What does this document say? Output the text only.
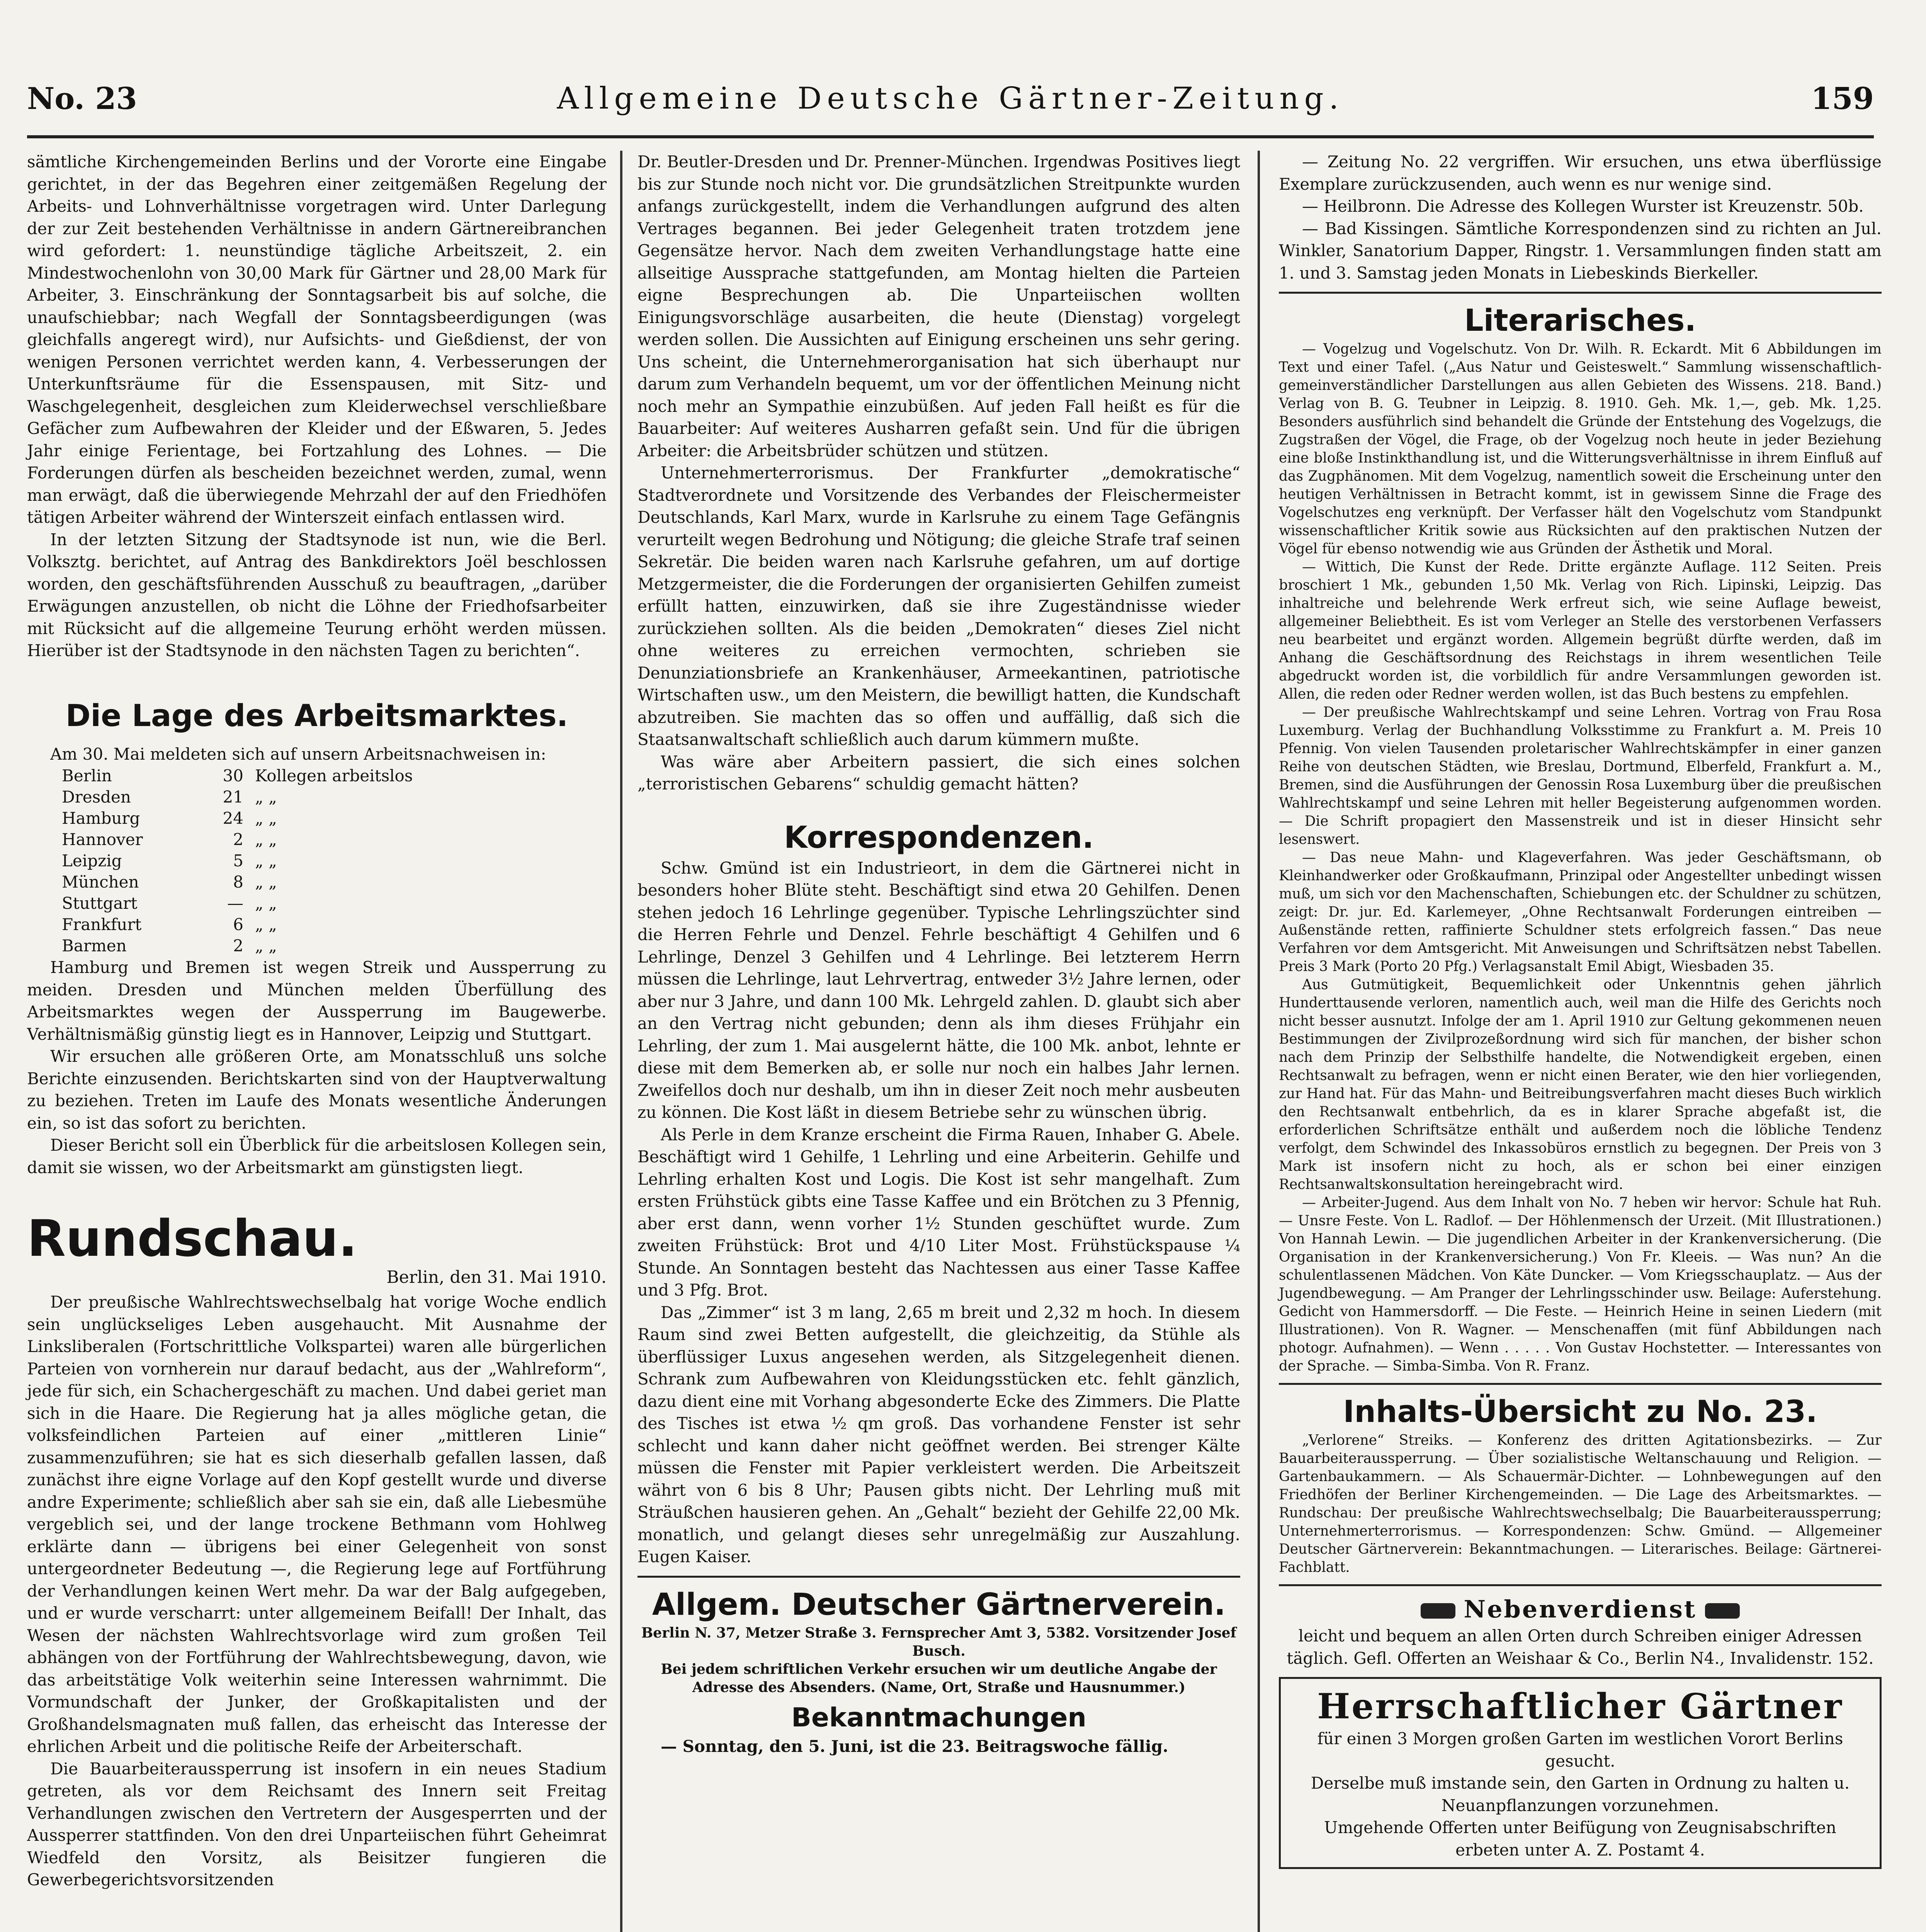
No. 23	Allgemeine Deutsche Gärtner-Zeitung.	159

sämtliche Kirchengemeinden Berlins und der Vororte eine Eingabe gerichtet, in der das Begehren einer zeitgemäßen Regelung der Arbeits- und Lohnverhältnisse vorgetragen wird. Unter Darlegung der zur Zeit bestehenden Verhältnisse in andern Gärtnereibranchen wird gefordert: 1. neunstündige tägliche Arbeitszeit, 2. ein Mindestwochenlohn von 30,00 Mark für Gärtner und 28,00 Mark für Arbeiter, 3. Einschränkung der Sonntagsarbeit bis auf solche, die unaufschiebbar; nach Wegfall der Sonntagsbeerdigungen (was gleichfalls angeregt wird), nur Aufsichts- und Gießdienst, der von wenigen Personen verrichtet werden kann, 4. Verbesserungen der Unterkunftsräume für die Essenspausen, mit Sitz- und Waschgelegenheit, desgleichen zum Kleiderwechsel verschließbare Gefächer zum Aufbewahren der Kleider und der Eßwaren, 5. Jedes Jahr einige Ferientage, bei Fortzahlung des Lohnes. — Die Forderungen dürfen als bescheiden bezeichnet werden, zumal, wenn man erwägt, daß die überwiegende Mehrzahl der auf den Friedhöfen tätigen Arbeiter während der Winterszeit einfach entlassen wird.

In der letzten Sitzung der Stadtsynode ist nun, wie die Berl. Volksztg. berichtet, auf Antrag des Bankdirektors Joël beschlossen worden, den geschäftsführenden Ausschuß zu beauftragen, „darüber Erwägungen anzustellen, ob nicht die Löhne der Friedhofsarbeiter mit Rücksicht auf die allgemeine Teurung erhöht werden müssen. Hierüber ist der Stadtsynode in den nächsten Tagen zu berichten“.

Die Lage des Arbeitsmarktes.

Am 30. Mai meldeten sich auf unsern Arbeitsnachweisen in:

Berlin	30 Kollegen arbeitslos
Dresden	21 „ „
Hamburg	24 „ „
Hannover	2 „ „
Leipzig	5 „ „
München	8 „ „
Stuttgart	— „ „
Frankfurt	6 „ „
Barmen	2 „ „

Hamburg und Bremen ist wegen Streik und Aussperrung zu meiden. Dresden und München melden Überfüllung des Arbeitsmarktes wegen der Aussperrung im Baugewerbe. Verhältnismäßig günstig liegt es in Hannover, Leipzig und Stuttgart.

Wir ersuchen alle größeren Orte, am Monatsschluß uns solche Berichte einzusenden. Berichtskarten sind von der Hauptverwaltung zu beziehen. Treten im Laufe des Monats wesentliche Änderungen ein, so ist das sofort zu berichten.

Dieser Bericht soll ein Überblick für die arbeitslosen Kollegen sein, damit sie wissen, wo der Arbeitsmarkt am günstigsten liegt.

Rundschau.

Berlin, den 31. Mai 1910.

Der preußische Wahlrechtswechselbalg hat vorige Woche endlich sein unglückseliges Leben ausgehaucht. Mit Ausnahme der Linksliberalen (Fortschrittliche Volkspartei) waren alle bürgerlichen Parteien von vornherein nur darauf bedacht, aus der „Wahlreform“, jede für sich, ein Schachergeschäft zu machen. Und dabei geriet man sich in die Haare. Die Regierung hat ja alles mögliche getan, die volksfeindlichen Parteien auf einer „mittleren Linie“ zusammenzuführen; sie hat es sich dieserhalb gefallen lassen, daß zunächst ihre eigne Vorlage auf den Kopf gestellt wurde und diverse andre Experimente; schließlich aber sah sie ein, daß alle Liebesmühe vergeblich sei, und der lange trockene Bethmann vom Hohlweg erklärte dann — übrigens bei einer Gelegenheit von sonst untergeordneter Bedeutung —, die Regierung lege auf Fortführung der Verhandlungen keinen Wert mehr. Da war der Balg aufgegeben, und er wurde verscharrt: unter allgemeinem Beifall! Der Inhalt, das Wesen der nächsten Wahlrechtsvorlage wird zum großen Teil abhängen von der Fortführung der Wahlrechtsbewegung, davon, wie das arbeitstätige Volk weiterhin seine Interessen wahrnimmt. Die Vormundschaft der Junker, der Großkapitalisten und der Großhandelsmagnaten muß fallen, das erheischt das Interesse der ehrlichen Arbeit und die politische Reife der Arbeiterschaft.

Die Bauarbeiteraussperrung ist insofern in ein neues Stadium getreten, als vor dem Reichsamt des Innern seit Freitag Verhandlungen zwischen den Vertretern der Ausgesperrten und der Aussperrer stattfinden. Von den drei Unparteiischen führt Geheimrat Wiedfeld den Vorsitz, als Beisitzer fungieren die Gewerbegerichtsvorsitzenden

Dr. Beutler-Dresden und Dr. Prenner-München. Irgendwas Positives liegt bis zur Stunde noch nicht vor. Die grundsätzlichen Streitpunkte wurden anfangs zurückgestellt, indem die Verhandlungen aufgrund des alten Vertrages begannen. Bei jeder Gelegenheit traten trotzdem jene Gegensätze hervor. Nach dem zweiten Verhandlungstage hatte eine allseitige Aussprache stattgefunden, am Montag hielten die Parteien eigne Besprechungen ab. Die Unparteiischen wollten Einigungsvorschläge ausarbeiten, die heute (Dienstag) vorgelegt werden sollen. Die Aussichten auf Einigung erscheinen uns sehr gering. Uns scheint, die Unternehmerorganisation hat sich überhaupt nur darum zum Verhandeln bequemt, um vor der öffentlichen Meinung nicht noch mehr an Sympathie einzubüßen. Auf jeden Fall heißt es für die Bauarbeiter: Auf weiteres Ausharren gefaßt sein. Und für die übrigen Arbeiter: die Arbeitsbrüder schützen und stützen.

Unternehmerterrorismus. Der Frankfurter „demokratische“ Stadtverordnete und Vorsitzende des Verbandes der Fleischermeister Deutschlands, Karl Marx, wurde in Karlsruhe zu einem Tage Gefängnis verurteilt wegen Bedrohung und Nötigung; die gleiche Strafe traf seinen Sekretär. Die beiden waren nach Karlsruhe gefahren, um auf dortige Metzgermeister, die die Forderungen der organisierten Gehilfen zumeist erfüllt hatten, einzuwirken, daß sie ihre Zugeständnisse wieder zurückziehen sollten. Als die beiden „Demokraten“ dieses Ziel nicht ohne weiteres zu erreichen vermochten, schrieben sie Denunziationsbriefe an Krankenhäuser, Armeekantinen, patriotische Wirtschaften usw., um den Meistern, die bewilligt hatten, die Kundschaft abzutreiben. Sie machten das so offen und auffällig, daß sich die Staatsanwaltschaft schließlich auch darum kümmern mußte.

Was wäre aber Arbeitern passiert, die sich eines solchen „terroristischen Gebarens“ schuldig gemacht hätten?

Korrespondenzen.

Schw. Gmünd ist ein Industrieort, in dem die Gärtnerei nicht in besonders hoher Blüte steht. Beschäftigt sind etwa 20 Gehilfen. Denen stehen jedoch 16 Lehrlinge gegenüber. Typische Lehrlingszüchter sind die Herren Fehrle und Denzel. Fehrle beschäftigt 4 Gehilfen und 6 Lehrlinge, Denzel 3 Gehilfen und 4 Lehrlinge. Bei letzterem Herrn müssen die Lehrlinge, laut Lehrvertrag, entweder 3½ Jahre lernen, oder aber nur 3 Jahre, und dann 100 Mk. Lehrgeld zahlen. D. glaubt sich aber an den Vertrag nicht gebunden; denn als ihm dieses Frühjahr ein Lehrling, der zum 1. Mai ausgelernt hätte, die 100 Mk. anbot, lehnte er diese mit dem Bemerken ab, er solle nur noch ein halbes Jahr lernen. Zweifellos doch nur deshalb, um ihn in dieser Zeit noch mehr ausbeuten zu können. Die Kost läßt in diesem Betriebe sehr zu wünschen übrig.

Als Perle in dem Kranze erscheint die Firma Rauen, Inhaber G. Abele. Beschäftigt wird 1 Gehilfe, 1 Lehrling und eine Arbeiterin. Gehilfe und Lehrling erhalten Kost und Logis. Die Kost ist sehr mangelhaft. Zum ersten Frühstück gibts eine Tasse Kaffee und ein Brötchen zu 3 Pfennig, aber erst dann, wenn vorher 1½ Stunden geschüftet wurde. Zum zweiten Frühstück: Brot und 4/10 Liter Most. Frühstückspause ¼ Stunde. An Sonntagen besteht das Nachtessen aus einer Tasse Kaffee und 3 Pfg. Brot.

Das „Zimmer“ ist 3 m lang, 2,65 m breit und 2,32 m hoch. In diesem Raum sind zwei Betten aufgestellt, die gleichzeitig, da Stühle als überflüssiger Luxus angesehen werden, als Sitzgelegenheit dienen. Schrank zum Aufbewahren von Kleidungsstücken etc. fehlt gänzlich, dazu dient eine mit Vorhang abgesonderte Ecke des Zimmers. Die Platte des Tisches ist etwa ½ qm groß. Das vorhandene Fenster ist sehr schlecht und kann daher nicht geöffnet werden. Bei strenger Kälte müssen die Fenster mit Papier verkleistert werden. Die Arbeitszeit währt von 6 bis 8 Uhr; Pausen gibts nicht. Der Lehrling muß mit Sträußchen hausieren gehen. An „Gehalt“ bezieht der Gehilfe 22,00 Mk. monatlich, und gelangt dieses sehr unregelmäßig zur Auszahlung. Eugen Kaiser.

Allgem. Deutscher Gärtnerverein.

Berlin N. 37, Metzer Straße 3. Fernsprecher Amt 3, 5382. Vorsitzender Josef Busch.

Bei jedem schriftlichen Verkehr ersuchen wir um deutliche Angabe der Adresse des Absenders. (Name, Ort, Straße und Hausnummer.)

Bekanntmachungen

— Sonntag, den 5. Juni, ist die 23. Beitragswoche fällig.

— Zeitung No. 22 vergriffen. Wir ersuchen, uns etwa überflüssige Exemplare zurückzusenden, auch wenn es nur wenige sind.

— Heilbronn. Die Adresse des Kollegen Wurster ist Kreuzenstr. 50b.

— Bad Kissingen. Sämtliche Korrespondenzen sind zu richten an Jul. Winkler, Sanatorium Dapper, Ringstr. 1. Versammlungen finden statt am 1. und 3. Samstag jeden Monats in Liebeskinds Bierkeller.

Literarisches.

— Vogelzug und Vogelschutz. Von Dr. Wilh. R. Eckardt. Mit 6 Abbildungen im Text und einer Tafel. („Aus Natur und Geisteswelt.“ Sammlung wissenschaftlich-gemeinverständlicher Darstellungen aus allen Gebieten des Wissens. 218. Band.) Verlag von B. G. Teubner in Leipzig. 8. 1910. Geh. Mk. 1,—, geb. Mk. 1,25. Besonders ausführlich sind behandelt die Gründe der Entstehung des Vogelzugs, die Zugstraßen der Vögel, die Frage, ob der Vogelzug noch heute in jeder Beziehung eine bloße Instinkthandlung ist, und die Witterungsverhältnisse in ihrem Einfluß auf das Zugphänomen. Mit dem Vogelzug, namentlich soweit die Erscheinung unter den heutigen Verhältnissen in Betracht kommt, ist in gewissem Sinne die Frage des Vogelschutzes eng verknüpft. Der Verfasser hält den Vogelschutz vom Standpunkt wissenschaftlicher Kritik sowie aus Rücksichten auf den praktischen Nutzen der Vögel für ebenso notwendig wie aus Gründen der Ästhetik und Moral.

— Wittich, Die Kunst der Rede. Dritte ergänzte Auflage. 112 Seiten. Preis broschiert 1 Mk., gebunden 1,50 Mk. Verlag von Rich. Lipinski, Leipzig. Das inhaltreiche und belehrende Werk erfreut sich, wie seine Auflage beweist, allgemeiner Beliebtheit. Es ist vom Verleger an Stelle des verstorbenen Verfassers neu bearbeitet und ergänzt worden. Allgemein begrüßt dürfte werden, daß im Anhang die Geschäftsordnung des Reichstags in ihrem wesentlichen Teile abgedruckt worden ist, die vorbildlich für andre Versammlungen geworden ist. Allen, die reden oder Redner werden wollen, ist das Buch bestens zu empfehlen.

— Der preußische Wahlrechtskampf und seine Lehren. Vortrag von Frau Rosa Luxemburg. Verlag der Buchhandlung Volksstimme zu Frankfurt a. M. Preis 10 Pfennig. Von vielen Tausenden proletarischer Wahlrechtskämpfer in einer ganzen Reihe von deutschen Städten, wie Breslau, Dortmund, Elberfeld, Frankfurt a. M., Bremen, sind die Ausführungen der Genossin Rosa Luxemburg über die preußischen Wahlrechtskampf und seine Lehren mit heller Begeisterung aufgenommen worden. — Die Schrift propagiert den Massenstreik und ist in dieser Hinsicht sehr lesenswert.

— Das neue Mahn- und Klageverfahren. Was jeder Geschäftsmann, ob Kleinhandwerker oder Großkaufmann, Prinzipal oder Angestellter unbedingt wissen muß, um sich vor den Machenschaften, Schiebungen etc. der Schuldner zu schützen, zeigt: Dr. jur. Ed. Karlemeyer, „Ohne Rechtsanwalt Forderungen eintreiben — Außenstände retten, raffinierte Schuldner stets erfolgreich fassen.“ Das neue Verfahren vor dem Amtsgericht. Mit Anweisungen und Schriftsätzen nebst Tabellen. Preis 3 Mark (Porto 20 Pfg.) Verlagsanstalt Emil Abigt, Wiesbaden 35.

Aus Gutmütigkeit, Bequemlichkeit oder Unkenntnis gehen jährlich Hunderttausende verloren, namentlich auch, weil man die Hilfe des Gerichts noch nicht besser ausnutzt. Infolge der am 1. April 1910 zur Geltung gekommenen neuen Bestimmungen der Zivilprozeßordnung wird sich für manchen, der bisher schon nach dem Prinzip der Selbsthilfe handelte, die Notwendigkeit ergeben, einen Rechtsanwalt zu befragen, wenn er nicht einen Berater, wie den hier vorliegenden, zur Hand hat. Für das Mahn- und Beitreibungsverfahren macht dieses Buch wirklich den Rechtsanwalt entbehrlich, da es in klarer Sprache abgefaßt ist, die erforderlichen Schriftsätze enthält und außerdem noch die löbliche Tendenz verfolgt, dem Schwindel des Inkassobüros ernstlich zu begegnen. Der Preis von 3 Mark ist insofern nicht zu hoch, als er schon bei einer einzigen Rechtsanwaltskonsultation hereingebracht wird.

— Arbeiter-Jugend. Aus dem Inhalt von No. 7 heben wir hervor: Schule hat Ruh. — Unsre Feste. Von L. Radlof. — Der Höhlenmensch der Urzeit. (Mit Illustrationen.) Von Hannah Lewin. — Die jugendlichen Arbeiter in der Krankenversicherung. (Die Organisation in der Krankenversicherung.) Von Fr. Kleeis. — Was nun? An die schulentlassenen Mädchen. Von Käte Duncker. — Vom Kriegsschauplatz. — Aus der Jugendbewegung. — Am Pranger der Lehrlingsschinder usw. Beilage: Auferstehung. Gedicht von Hammersdorff. — Die Feste. — Heinrich Heine in seinen Liedern (mit Illustrationen). Von R. Wagner. — Menschenaffen (mit fünf Abbildungen nach photogr. Aufnahmen). — Wenn . . . . . Von Gustav Hochstetter. — Interessantes von der Sprache. — Simba-Simba. Von R. Franz.

Inhalts-Übersicht zu No. 23.

„Verlorene“ Streiks. — Konferenz des dritten Agitationsbezirks. — Zur Bauarbeiteraussperrung. — Über sozialistische Weltanschauung und Religion. — Gartenbaukammern. — Als Schauermär-Dichter. — Lohnbewegungen auf den Friedhöfen der Berliner Kirchengemeinden. — Die Lage des Arbeitsmarktes. — Rundschau: Der preußische Wahlrechtswechselbalg; Die Bauarbeiteraussperrung; Unternehmerterrorismus. — Korrespondenzen: Schw. Gmünd. — Allgemeiner Deutscher Gärtnerverein: Bekanntmachungen. — Literarisches. Beilage: Gärtnerei-Fachblatt.

Nebenverdienst

leicht und bequem an allen Orten durch Schreiben einiger Adressen täglich. Gefl. Offerten an Weishaar & Co., Berlin N4., Invalidenstr. 152.

Herrschaftlicher Gärtner

für einen 3 Morgen großen Garten im westlichen Vorort Berlins gesucht.

Derselbe muß imstande sein, den Garten in Ordnung zu halten u. Neuanpflanzungen vorzunehmen.

Umgehende Offerten unter Beifügung von Zeugnisabschriften erbeten unter A. Z. Postamt 4.
